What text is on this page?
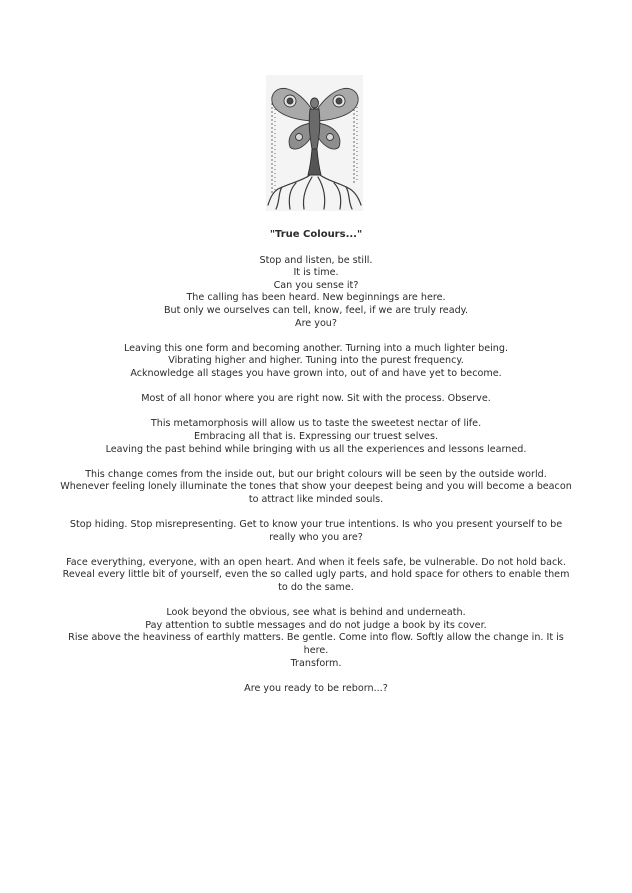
"True Colours..."
Stop and listen, be still.
It is time.
Can you sense it?
The calling has been heard. New beginnings are here.
But only we ourselves can tell, know, feel, if we are truly ready.
Are you?
Leaving this one form and becoming another. Turning into a much lighter being.
Vibrating higher and higher. Tuning into the purest frequency.
Acknowledge all stages you have grown into, out of and have yet to become.
Most of all honor where you are right now. Sit with the process. Observe.
This metamorphosis will allow us to taste the sweetest nectar of life.
Embracing all that is. Expressing our truest selves.
Leaving the past behind while bringing with us all the experiences and lessons learned.
This change comes from the inside out, but our bright colours will be seen by the outside world.
Whenever feeling lonely illuminate the tones that show your deepest being and you will become a beacon to attract like minded souls.
Stop hiding. Stop misrepresenting. Get to know your true intentions. Is who you present yourself to be really who you are?
Face everything, everyone, with an open heart. And when it feels safe, be vulnerable. Do not hold back. Reveal every little bit of yourself, even the so called ugly parts, and hold space for others to enable them to do the same.
Look beyond the obvious, see what is behind and underneath.
Pay attention to subtle messages and do not judge a book by its cover.
Rise above the heaviness of earthly matters. Be gentle. Come into flow. Softly allow the change in. It is here.
Transform.
Are you ready to be reborn...?
